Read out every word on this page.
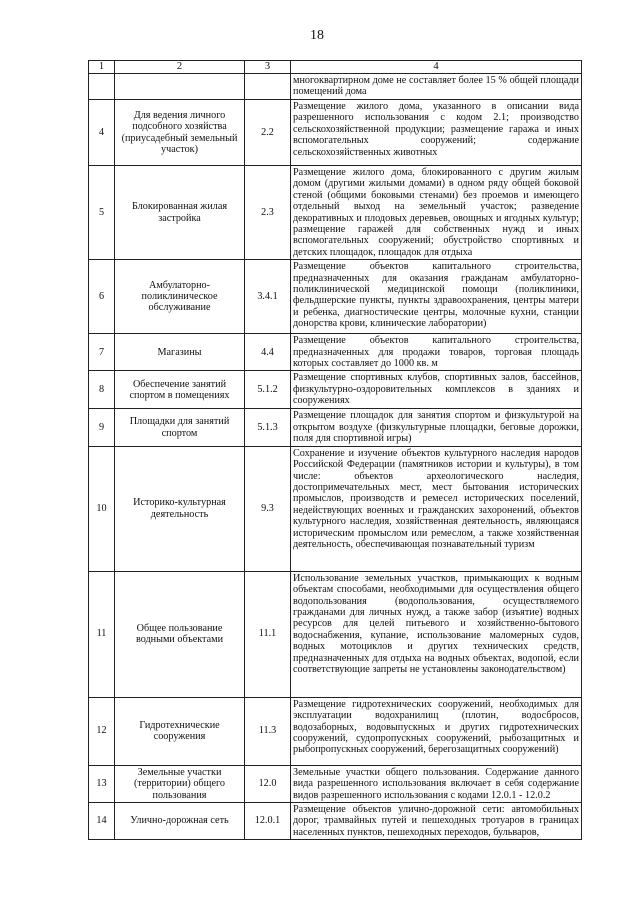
18
1	2	3	4
			многоквартирном доме не составляет более 15 % общей площади помещений дома
4	Для ведения личного подсобного хозяйства (приусадебный земельный участок)	2.2	Размещение жилого дома, указанного в описании вида разрешенного использования с кодом 2.1; производство сельскохозяйственной продукции; размещение гаража и иных вспомогательных сооружений; содержание сельскохозяйственных животных
5	Блокированная жилая застройка	2.3	Размещение жилого дома, блокированного с другим жилым домом (другими жилыми домами) в одном ряду общей боковой стеной (общими боковыми стенами) без проемов и имеющего отдельный выход на земельный участок; разведение декоративных и плодовых деревьев, овощных и ягодных культур; размещение гаражей для собственных нужд и иных вспомогательных сооружений; обустройство спортивных и детских площадок, площадок для отдыха
6	Амбулаторно-поликлиническое обслуживание	3.4.1	Размещение объектов капитального строительства, предназначенных для оказания гражданам амбулаторно-поликлинической медицинской помощи (поликлиники, фельдшерские пункты, пункты здравоохранения, центры матери и ребенка, диагностические центры, молочные кухни, станции донорства крови, клинические лаборатории)
7	Магазины	4.4	Размещение объектов капитального строительства, предназначенных для продажи товаров, торговая площадь которых составляет до 1000 кв. м
8	Обеспечение занятий спортом в помещениях	5.1.2	Размещение спортивных клубов, спортивных залов, бассейнов, физкультурно-оздоровительных комплексов в зданиях и сооружениях
9	Площадки для занятий спортом	5.1.3	Размещение площадок для занятия спортом и физкультурой на открытом воздухе (физкультурные площадки, беговые дорожки, поля для спортивной игры)
10	Историко-культурная деятельность	9.3	Сохранение и изучение объектов культурного наследия народов Российской Федерации (памятников истории и культуры), в том числе: объектов археологического наследия, достопримечательных мест, мест бытования исторических промыслов, производств и ремесел исторических поселений, недействующих военных и гражданских захоронений, объектов культурного наследия, хозяйственная деятельность, являющаяся историческим промыслом или ремеслом, а также хозяйственная деятельность, обеспечивающая познавательный туризм
11	Общее пользование водными объектами	11.1	Использование земельных участков, примыкающих к водным объектам способами, необходимыми для осуществления общего водопользования (водопользования, осуществляемого гражданами для личных нужд, а также забор (изъятие) водных ресурсов для целей питьевого и хозяйственно-бытового водоснабжения, купание, использование маломерных судов, водных мотоциклов и других технических средств, предназначенных для отдыха на водных объектах, водопой, если соответствующие запреты не установлены законодательством)
12	Гидротехнические сооружения	11.3	Размещение гидротехнических сооружений, необходимых для эксплуатации водохранилищ (плотин, водосбросов, водозаборных, водовыпускных и других гидротехнических сооружений, судопропускных сооружений, рыбозащитных и рыбопропускных сооружений, берегозащитных сооружений)
13	Земельные участки (территории) общего пользования	12.0	Земельные участки общего пользования. Содержание данного вида разрешенного использования включает в себя содержание видов разрешенного использования с кодами 12.0.1 - 12.0.2
14	Улично-дорожная сеть	12.0.1	Размещение объектов улично-дорожной сети: автомобильных дорог, трамвайных путей и пешеходных тротуаров в границах населенных пунктов, пешеходных переходов, бульваров,
